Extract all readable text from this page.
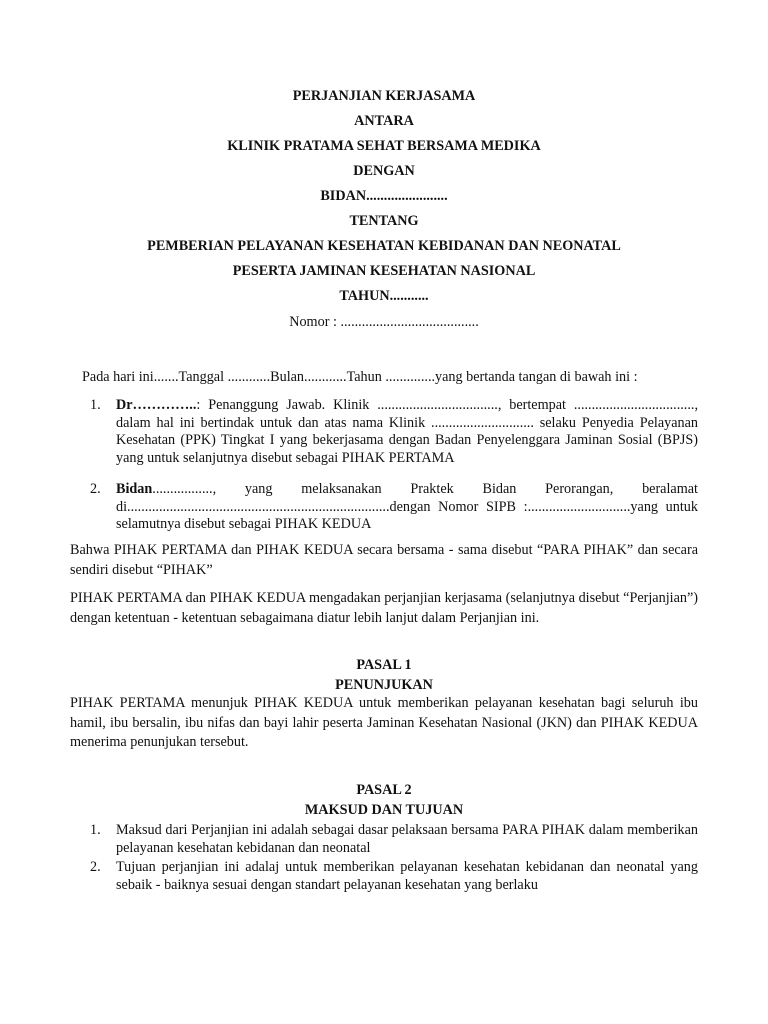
PERJANJIAN KERJASAMA
ANTARA
KLINIK PRATAMA SEHAT BERSAMA MEDIKA
DENGAN
BIDAN.......................
TENTANG
PEMBERIAN PELAYANAN KESEHATAN KEBIDANAN DAN NEONATAL
PESERTA JAMINAN KESEHATAN NASIONAL
TAHUN...........
Nomor : .......................................
Pada hari ini.......Tanggal ............Bulan............Tahun ..............yang bertanda tangan di bawah ini :
1.	Dr…………..: Penanggung Jawab. Klinik .................................., bertempat .................................., dalam hal ini bertindak untuk dan atas nama Klinik ............................. selaku Penyedia Pelayanan Kesehatan (PPK) Tingkat I yang bekerjasama dengan Badan Penyelenggara Jaminan Sosial (BPJS) yang untuk selanjutnya disebut sebagai PIHAK PERTAMA
2.	Bidan................., yang melaksanakan Praktek Bidan Perorangan, beralamat di..........................................................................dengan Nomor SIPB :.............................yang untuk selamutnya disebut sebagai PIHAK KEDUA
Bahwa PIHAK PERTAMA dan PIHAK KEDUA secara bersama - sama disebut “PARA PIHAK” dan secara sendiri disebut “PIHAK”
PIHAK PERTAMA dan PIHAK KEDUA mengadakan perjanjian kerjasama (selanjutnya disebut “Perjanjian”) dengan ketentuan - ketentuan sebagaimana diatur lebih lanjut dalam Perjanjian ini.
PASAL 1
PENUNJUKAN
PIHAK PERTAMA menunjuk PIHAK KEDUA untuk memberikan pelayanan kesehatan bagi seluruh ibu hamil, ibu bersalin, ibu nifas dan bayi lahir peserta Jaminan Kesehatan Nasional (JKN) dan PIHAK KEDUA menerima penunjukan tersebut.
PASAL 2
MAKSUD DAN TUJUAN
1.	Maksud dari Perjanjian ini adalah sebagai dasar pelaksaan bersama PARA PIHAK dalam memberikan pelayanan kesehatan kebidanan dan neonatal
2.	Tujuan perjanjian ini adalaj untuk memberikan pelayanan kesehatan kebidanan dan neonatal yang sebaik - baiknya sesuai dengan standart pelayanan kesehatan yang berlaku
